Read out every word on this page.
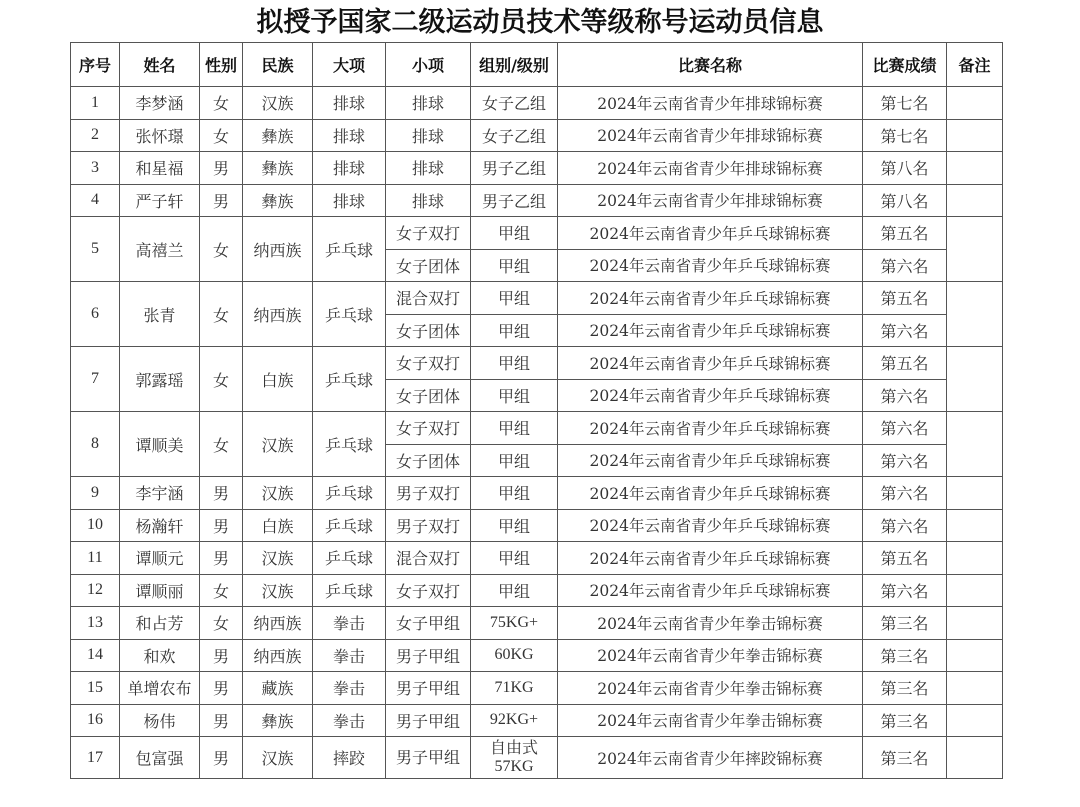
拟授予国家二级运动员技术等级称号运动员信息
序号	姓名	性别	民族	大项	小项	组别/级别	比赛名称	比赛成绩	备注
1	李梦涵	女	汉族	排球	排球	女子乙组	2024年云南省青少年排球锦标赛	第七名	
2	张怀璟	女	彝族	排球	排球	女子乙组	2024年云南省青少年排球锦标赛	第七名	
3	和星福	男	彝族	排球	排球	男子乙组	2024年云南省青少年排球锦标赛	第八名	
4	严子轩	男	彝族	排球	排球	男子乙组	2024年云南省青少年排球锦标赛	第八名	
5	高禧兰	女	纳西族	乒乓球	女子双打	甲组	2024年云南省青少年乒乓球锦标赛	第五名	
					女子团体	甲组	2024年云南省青少年乒乓球锦标赛	第六名	
6	张青	女	纳西族	乒乓球	混合双打	甲组	2024年云南省青少年乒乓球锦标赛	第五名	
					女子团体	甲组	2024年云南省青少年乒乓球锦标赛	第六名	
7	郭露瑶	女	白族	乒乓球	女子双打	甲组	2024年云南省青少年乒乓球锦标赛	第五名	
					女子团体	甲组	2024年云南省青少年乒乓球锦标赛	第六名	
8	谭顺美	女	汉族	乒乓球	女子双打	甲组	2024年云南省青少年乒乓球锦标赛	第六名	
					女子团体	甲组	2024年云南省青少年乒乓球锦标赛	第六名	
9	李宇涵	男	汉族	乒乓球	男子双打	甲组	2024年云南省青少年乒乓球锦标赛	第六名	
10	杨瀚轩	男	白族	乒乓球	男子双打	甲组	2024年云南省青少年乒乓球锦标赛	第六名	
11	谭顺元	男	汉族	乒乓球	混合双打	甲组	2024年云南省青少年乒乓球锦标赛	第五名	
12	谭顺丽	女	汉族	乒乓球	女子双打	甲组	2024年云南省青少年乒乓球锦标赛	第六名	
13	和占芳	女	纳西族	拳击	女子甲组	75KG+	2024年云南省青少年拳击锦标赛	第三名	
14	和欢	男	纳西族	拳击	男子甲组	60KG	2024年云南省青少年拳击锦标赛	第三名	
15	单增农布	男	藏族	拳击	男子甲组	71KG	2024年云南省青少年拳击锦标赛	第三名	
16	杨伟	男	彝族	拳击	男子甲组	92KG+	2024年云南省青少年拳击锦标赛	第三名	
17	包富强	男	汉族	摔跤	男子甲组	自由式 57KG	2024年云南省青少年摔跤锦标赛	第三名	
